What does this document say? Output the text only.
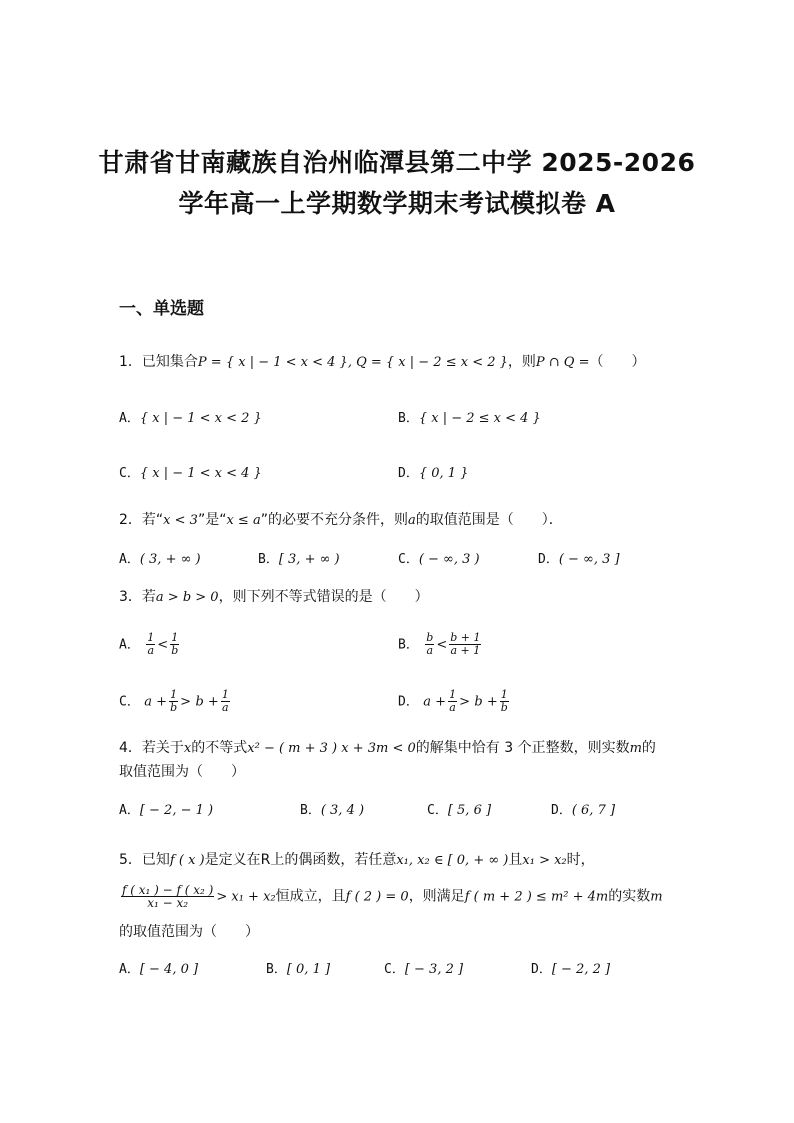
甘肃省甘南藏族自治州临潭县第二中学 2025-2026
学年高一上学期数学期末考试模拟卷 A
一、单选题
1．已知集合P = { x | − 1 < x < 4 }, Q = { x | − 2 ≤ x < 2 }，则P ∩ Q =（　　）
A．{ x | − 1 < x < 2 }	B．{ x | − 2 ≤ x < 4 }
C．{ x | − 1 < x < 4 }	D．{ 0, 1 }
2．若“x < 3”是“x ≤ a”的必要不充分条件，则a的取值范围是（　　）．
A．( 3, + ∞ )	B．[ 3, + ∞ )	C．( − ∞, 3 )	D．( − ∞, 3 ]
3．若a > b > 0，则下列不等式错误的是（　　）
A． $\frac{1}{a} < \frac{1}{b}$	B． $\frac{b}{a} < \frac{b + 1}{a + 1}$
C． $a + \frac{1}{b} > b + \frac{1}{a}$	D． $a + \frac{1}{a} > b + \frac{1}{b}$
4．若关于x的不等式x² − ( m + 3 ) x + 3m < 0的解集中恰有 3 个正整数，则实数m的
取值范围为（　　）
A．[ − 2, − 1 )	B．( 3, 4 )	C．[ 5, 6 ]	D．( 6, 7 ]
5．已知f ( x )是定义在R上的偶函数，若任意x₁, x₂ ∈ [ 0, + ∞ )且x₁ > x₂时，
$\frac{\text{f ( x₁ ) − f ( x₂ )}}{\text{x₁ − x₂}} > x_1 + x_2$恒成立，且f ( 2 ) = 0，则满足f ( m + 2 ) ≤ m² + 4m的实数m
的取值范围为（　　）
A．[ − 4, 0 ]	B．[ 0, 1 ]	C．[ − 3, 2 ]	D．[ − 2, 2 ]
